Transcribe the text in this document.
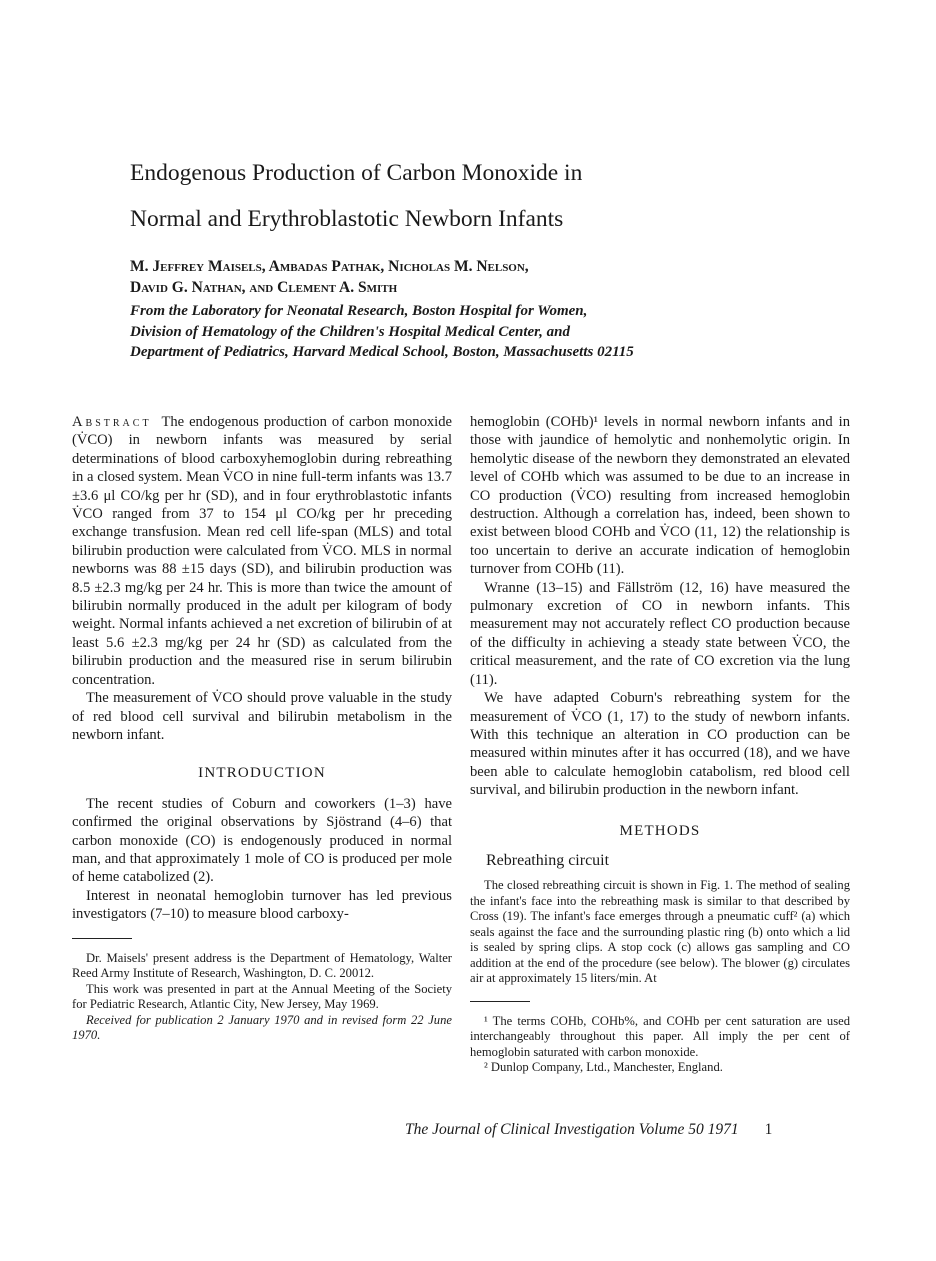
Endogenous Production of Carbon Monoxide in
Normal and Erythroblastotic Newborn Infants
M. Jeffrey Maisels, Ambadas Pathak, Nicholas M. Nelson,
David G. Nathan, and Clement A. Smith
From the Laboratory for Neonatal Research, Boston Hospital for Women,
Division of Hematology of the Children's Hospital Medical Center, and
Department of Pediatrics, Harvard Medical School, Boston, Massachusetts 02115

Abstract The endogenous production of carbon monoxide (V̇CO) in newborn infants was measured by serial determinations of blood carboxyhemoglobin during rebreathing in a closed system. Mean V̇CO in nine full-term infants was 13.7 ±3.6 μl CO/kg per hr (SD), and in four erythroblastotic infants V̇CO ranged from 37 to 154 μl CO/kg per hr preceding exchange transfusion. Mean red cell life-span (MLS) and total bilirubin production were calculated from V̇CO. MLS in normal newborns was 88 ±15 days (SD), and bilirubin production was 8.5 ±2.3 mg/kg per 24 hr. This is more than twice the amount of bilirubin normally produced in the adult per kilogram of body weight. Normal infants achieved a net excretion of bilirubin of at least 5.6 ±2.3 mg/kg per 24 hr (SD) as calculated from the bilirubin production and the measured rise in serum bilirubin concentration.

The measurement of V̇CO should prove valuable in the study of red blood cell survival and bilirubin metabolism in the newborn infant.

INTRODUCTION

The recent studies of Coburn and coworkers (1–3) have confirmed the original observations by Sjöstrand (4–6) that carbon monoxide (CO) is endogenously produced in normal man, and that approximately 1 mole of CO is produced per mole of heme catabolized (2).

Interest in neonatal hemoglobin turnover has led previous investigators (7–10) to measure blood carboxy-

Dr. Maisels' present address is the Department of Hematology, Walter Reed Army Institute of Research, Washington, D. C. 20012.

This work was presented in part at the Annual Meeting of the Society for Pediatric Research, Atlantic City, New Jersey, May 1969.

Received for publication 2 January 1970 and in revised form 22 June 1970.

hemoglobin (COHb)¹ levels in normal newborn infants and in those with jaundice of hemolytic and nonhemolytic origin. In hemolytic disease of the newborn they demonstrated an elevated level of COHb which was assumed to be due to an increase in CO production (V̇CO) resulting from increased hemoglobin destruction. Although a correlation has, indeed, been shown to exist between blood COHb and V̇CO (11, 12) the relationship is too uncertain to derive an accurate indication of hemoglobin turnover from COHb (11).

Wranne (13–15) and Fällström (12, 16) have measured the pulmonary excretion of CO in newborn infants. This measurement may not accurately reflect CO production because of the difficulty in achieving a steady state between V̇CO, the critical measurement, and the rate of CO excretion via the lung (11).

We have adapted Coburn's rebreathing system for the measurement of V̇CO (1, 17) to the study of newborn infants. With this technique an alteration in CO production can be measured within minutes after it has occurred (18), and we have been able to calculate hemoglobin catabolism, red blood cell survival, and bilirubin production in the newborn infant.

METHODS
Rebreathing circuit

The closed rebreathing circuit is shown in Fig. 1. The method of sealing the infant's face into the rebreathing mask is similar to that described by Cross (19). The infant's face emerges through a pneumatic cuff² (a) which seals against the face and the surrounding plastic ring (b) onto which a lid is sealed by spring clips. A stop cock (c) allows gas sampling and CO addition at the end of the procedure (see below). The blower (g) circulates air at approximately 15 liters/min. At

¹ The terms COHb, COHb%, and COHb per cent saturation are used interchangeably throughout this paper. All imply the per cent of hemoglobin saturated with carbon monoxide.

² Dunlop Company, Ltd., Manchester, England.

The Journal of Clinical Investigation Volume 50 1971 1
